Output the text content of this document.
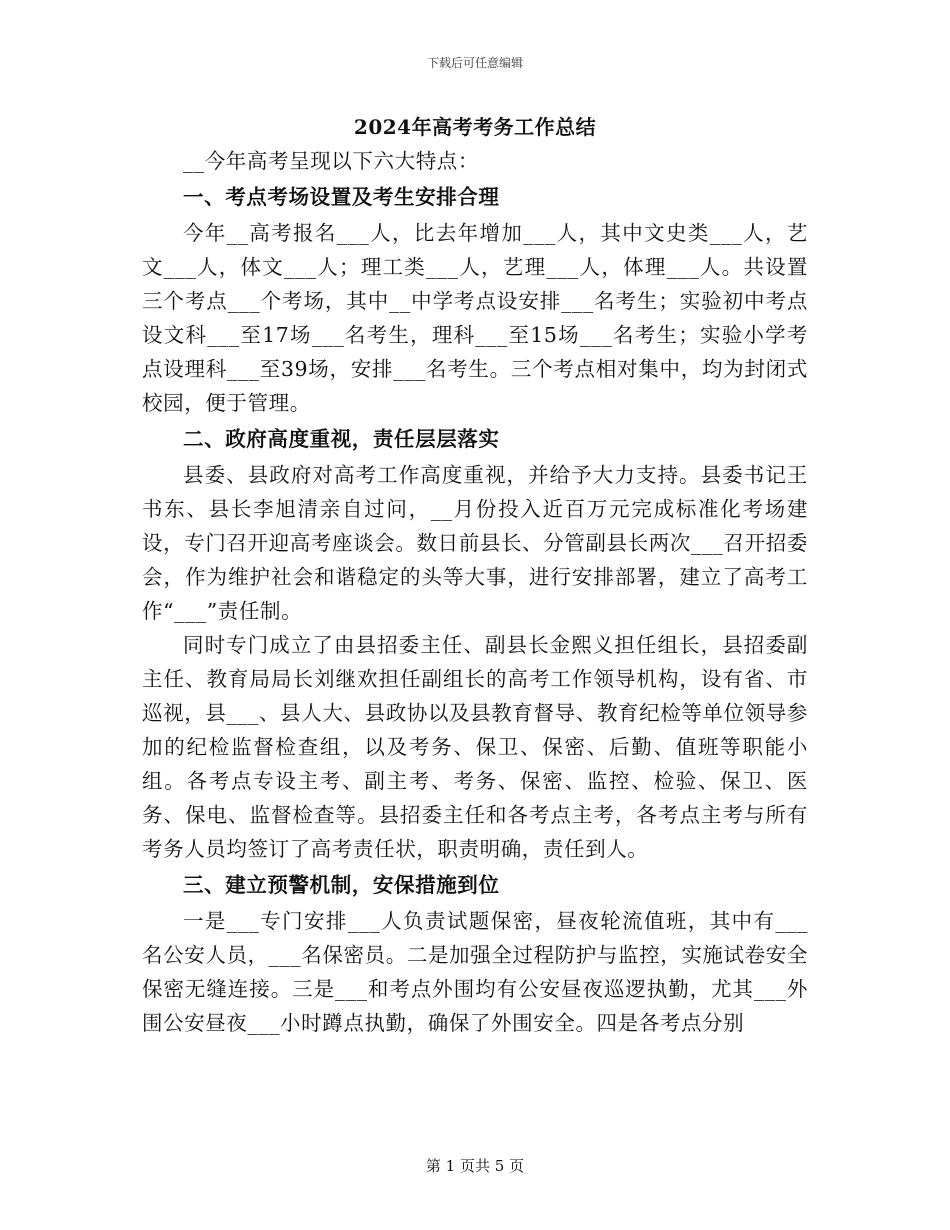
下载后可任意编辑
2024年高考考务工作总结

__今年高考呈现以下六大特点：

一、考点考场设置及考生安排合理

今年__高考报名___人，比去年增加___人，其中文史类___人，艺文___人，体文___人；理工类___人，艺理___人，体理___人。共设置三个考点___个考场，其中__中学考点设安排___名考生；实验初中考点设文科___至17场___名考生，理科___至15场___名考生；实验小学考点设理科___至39场，安排___名考生。三个考点相对集中，均为封闭式校园，便于管理。

二、政府高度重视，责任层层落实

县委、县政府对高考工作高度重视，并给予大力支持。县委书记王书东、县长李旭清亲自过问，__月份投入近百万元完成标准化考场建设，专门召开迎高考座谈会。数日前县长、分管副县长两次___召开招委会，作为维护社会和谐稳定的头等大事，进行安排部署，建立了高考工作“___”责任制。

同时专门成立了由县招委主任、副县长金熙义担任组长，县招委副主任、教育局局长刘继欢担任副组长的高考工作领导机构，设有省、市巡视，县___、县人大、县政协以及县教育督导、教育纪检等单位领导参加的纪检监督检查组，以及考务、保卫、保密、后勤、值班等职能小组。各考点专设主考、副主考、考务、保密、监控、检验、保卫、医务、保电、监督检查等。县招委主任和各考点主考，各考点主考与所有考务人员均签订了高考责任状，职责明确，责任到人。

三、建立预警机制，安保措施到位

一是___专门安排___人负责试题保密，昼夜轮流值班，其中有___名公安人员，___名保密员。二是加强全过程防护与监控，实施试卷安全保密无缝连接。三是___和考点外围均有公安昼夜巡逻执勤，尤其___外围公安昼夜___小时蹲点执勤，确保了外围安全。四是各考点分别

第 1 页共 5 页
